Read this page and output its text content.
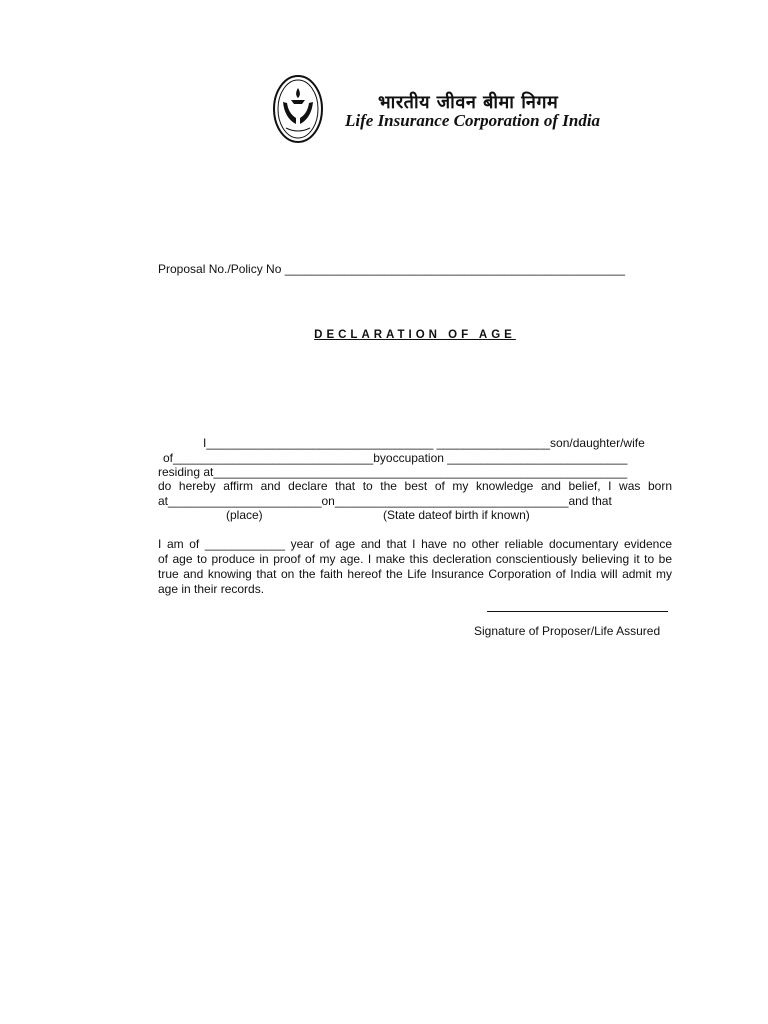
भारतीय जीवन बीमा निगम
Life Insurance Corporation of India
Proposal No./Policy No ___________________________________________________
DECLARATION OF AGE
I__________________________________ _________________son/daughter/wife
of______________________________byoccupation ___________________________
residing at______________________________________________________________
do hereby affirm and declare that to the best of my knowledge and belief, I was born
at_______________________on___________________________________and that
(place)	(State dateof birth if known)
I am of ____________ year of age and that I have no other reliable documentary evidence
of age to produce in proof of my age. I make this decleration conscientiously believing it to be true and knowing that on the faith hereof the Life Insurance Corporation of India will admit my age in their records.
Signature of Proposer/Life Assured
